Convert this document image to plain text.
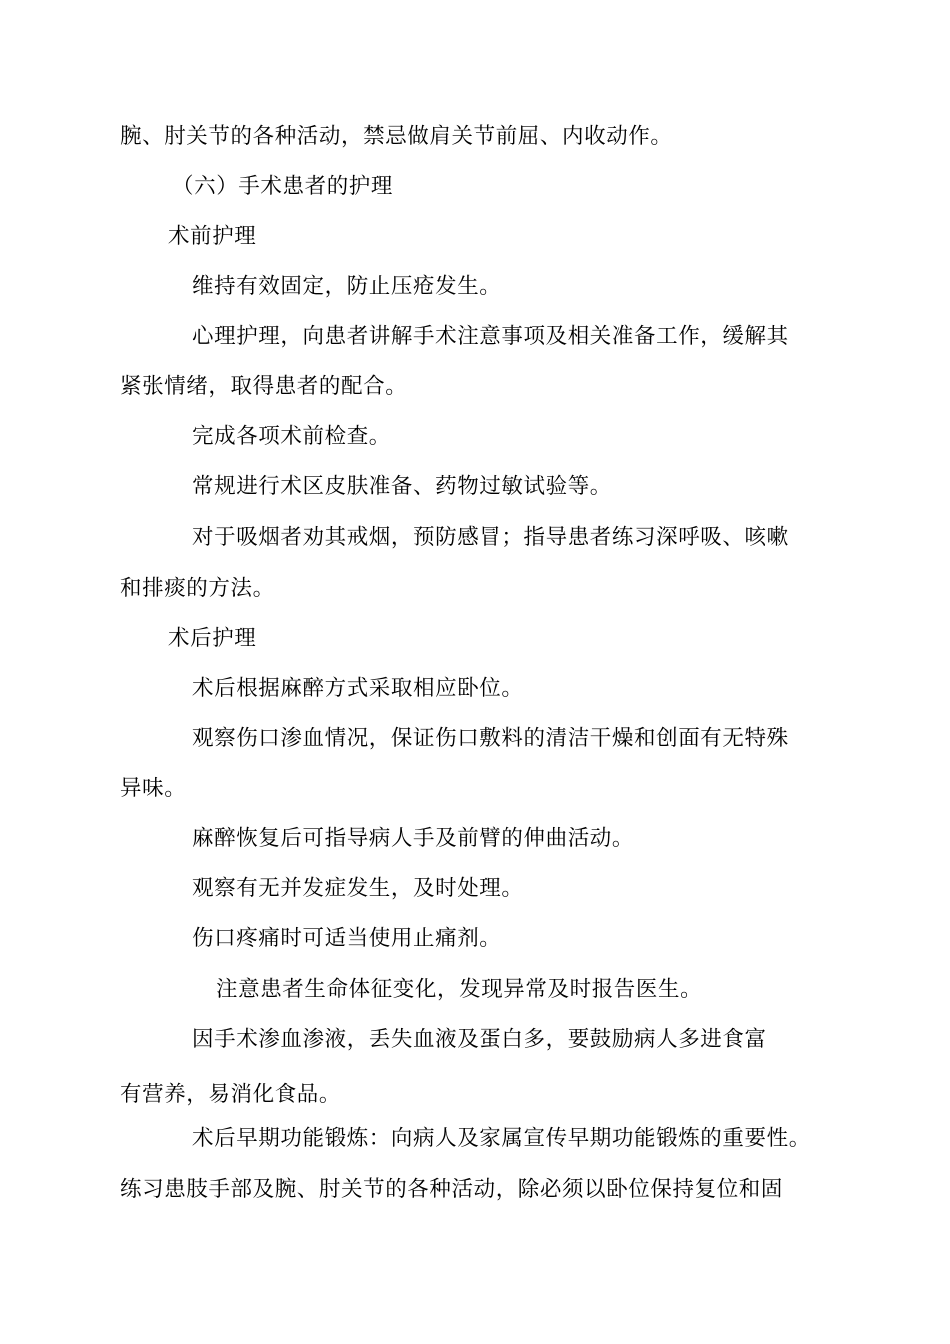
腕、肘关节的各种活动，禁忌做肩关节前屈、内收动作。
（六）手术患者的护理
术前护理
维持有效固定，防止压疮发生。
心理护理，向患者讲解手术注意事项及相关准备工作，缓解其
紧张情绪，取得患者的配合。
完成各项术前检查。
常规进行术区皮肤准备、药物过敏试验等。
对于吸烟者劝其戒烟，预防感冒；指导患者练习深呼吸、咳嗽
和排痰的方法。
术后护理
术后根据麻醉方式采取相应卧位。
观察伤口渗血情况，保证伤口敷料的清洁干燥和创面有无特殊
异味。
麻醉恢复后可指导病人手及前臂的伸曲活动。
观察有无并发症发生，及时处理。
伤口疼痛时可适当使用止痛剂。
注意患者生命体征变化，发现异常及时报告医生。
因手术渗血渗液，丢失血液及蛋白多，要鼓励病人多进食富
有营养，易消化食品。
术后早期功能锻炼：向病人及家属宣传早期功能锻炼的重要性。
练习患肢手部及腕、肘关节的各种活动，除必须以卧位保持复位和固
